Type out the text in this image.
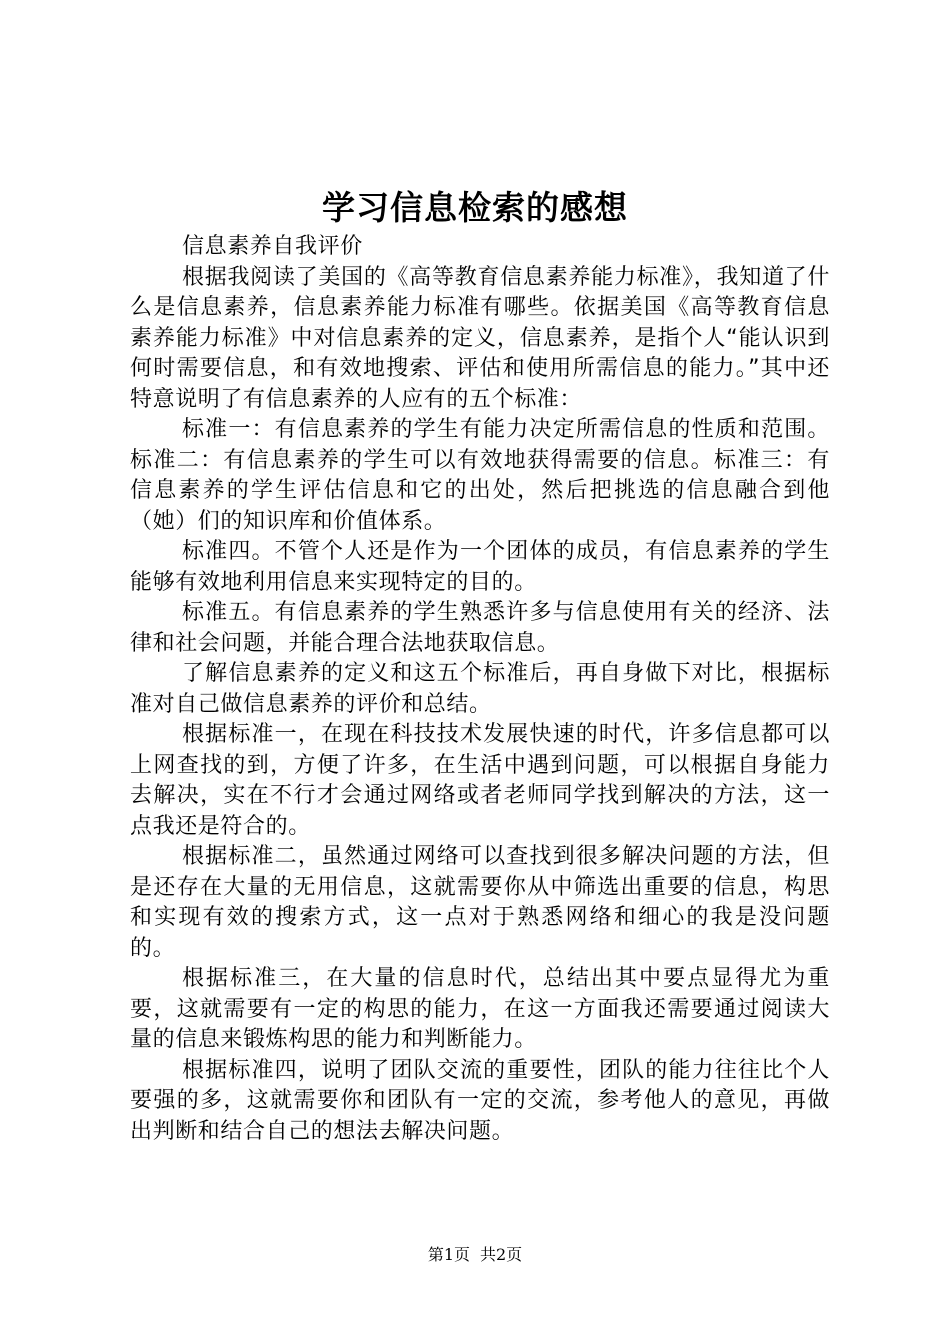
学习信息检索的感想

信息素养自我评价

根据我阅读了美国的《高等教育信息素养能力标准》，我知道了什么是信息素养，信息素养能力标准有哪些。依据美国《高等教育信息素养能力标准》中对信息素养的定义，信息素养，是指个人“能认识到何时需要信息，和有效地搜索、评估和使用所需信息的能力。”其中还特意说明了有信息素养的人应有的五个标准：

标准一：有信息素养的学生有能力决定所需信息的性质和范围。标准二：有信息素养的学生可以有效地获得需要的信息。标准三：有信息素养的学生评估信息和它的出处，然后把挑选的信息融合到他（她）们的知识库和价值体系。

标准四。不管个人还是作为一个团体的成员，有信息素养的学生能够有效地利用信息来实现特定的目的。

标准五。有信息素养的学生熟悉许多与信息使用有关的经济、法律和社会问题，并能合理合法地获取信息。

了解信息素养的定义和这五个标准后，再自身做下对比，根据标准对自己做信息素养的评价和总结。

根据标准一，在现在科技技术发展快速的时代，许多信息都可以上网查找的到，方便了许多，在生活中遇到问题，可以根据自身能力去解决，实在不行才会通过网络或者老师同学找到解决的方法，这一点我还是符合的。

根据标准二，虽然通过网络可以查找到很多解决问题的方法，但是还存在大量的无用信息，这就需要你从中筛选出重要的信息，构思和实现有效的搜索方式，这一点对于熟悉网络和细心的我是没问题的。

根据标准三，在大量的信息时代，总结出其中要点显得尤为重要，这就需要有一定的构思的能力，在这一方面我还需要通过阅读大量的信息来锻炼构思的能力和判断能力。

根据标准四，说明了团队交流的重要性，团队的能力往往比个人要强的多，这就需要你和团队有一定的交流，参考他人的意见，再做出判断和结合自己的想法去解决问题。

第1页 共2页
